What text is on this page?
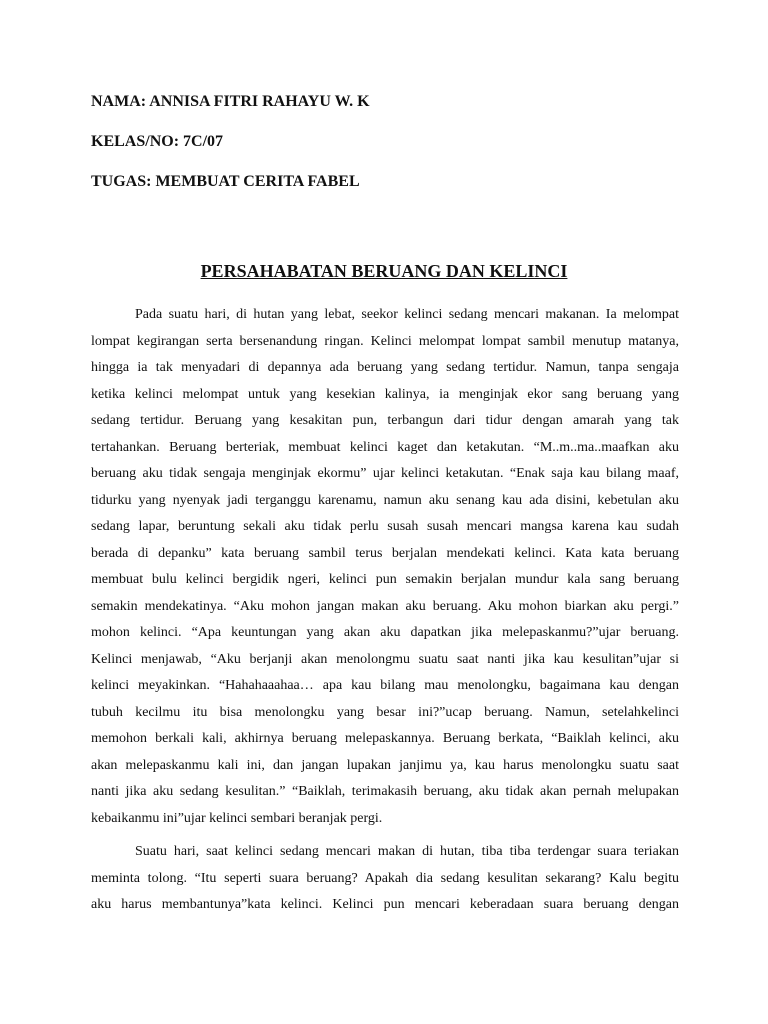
NAMA: ANNISA FITRI RAHAYU W. K
KELAS/NO: 7C/07
TUGAS: MEMBUAT CERITA FABEL
PERSAHABATAN BERUANG DAN KELINCI
Pada suatu hari, di hutan yang lebat, seekor kelinci sedang mencari makanan. Ia melompat
lompat kegirangan serta bersenandung ringan. Kelinci melompat lompat sambil menutup matanya,
hingga ia tak menyadari di depannya ada beruang yang sedang tertidur. Namun, tanpa sengaja
ketika kelinci melompat untuk yang kesekian kalinya, ia menginjak ekor sang beruang yang
sedang tertidur. Beruang yang kesakitan pun, terbangun dari tidur dengan amarah yang tak
tertahankan. Beruang berteriak, membuat kelinci kaget dan ketakutan. “M..m..ma..maafkan aku
beruang aku tidak sengaja menginjak ekormu” ujar kelinci ketakutan. “Enak saja kau bilang maaf,
tidurku yang nyenyak jadi terganggu karenamu, namun aku senang kau ada disini, kebetulan aku
sedang lapar, beruntung sekali aku tidak perlu susah susah mencari mangsa karena kau sudah
berada di depanku” kata beruang sambil terus berjalan mendekati kelinci. Kata kata beruang
membuat bulu kelinci bergidik ngeri, kelinci pun semakin berjalan mundur kala sang beruang
semakin mendekatinya. “Aku mohon jangan makan aku beruang. Aku mohon biarkan aku pergi.”
mohon kelinci. “Apa keuntungan yang akan aku dapatkan jika melepaskanmu?”ujar beruang.
Kelinci menjawab, “Aku berjanji akan menolongmu suatu saat nanti jika kau kesulitan”ujar si
kelinci meyakinkan. “Hahahaaahaa… apa kau bilang mau menolongku, bagaimana kau dengan
tubuh kecilmu itu bisa menolongku yang besar ini?”ucap beruang. Namun, setelahkelinci
memohon berkali kali, akhirnya beruang melepaskannya. Beruang berkata, “Baiklah kelinci, aku
akan melepaskanmu kali ini, dan jangan lupakan janjimu ya, kau harus menolongku suatu saat
nanti jika aku sedang kesulitan.” “Baiklah, terimakasih beruang, aku tidak akan pernah melupakan
kebaikanmu ini”ujar kelinci sembari beranjak pergi.
Suatu hari, saat kelinci sedang mencari makan di hutan, tiba tiba terdengar suara teriakan
meminta tolong. “Itu seperti suara beruang? Apakah dia sedang kesulitan sekarang? Kalu begitu
aku harus membantunya”kata kelinci. Kelinci pun mencari keberadaan suara beruang dengan
